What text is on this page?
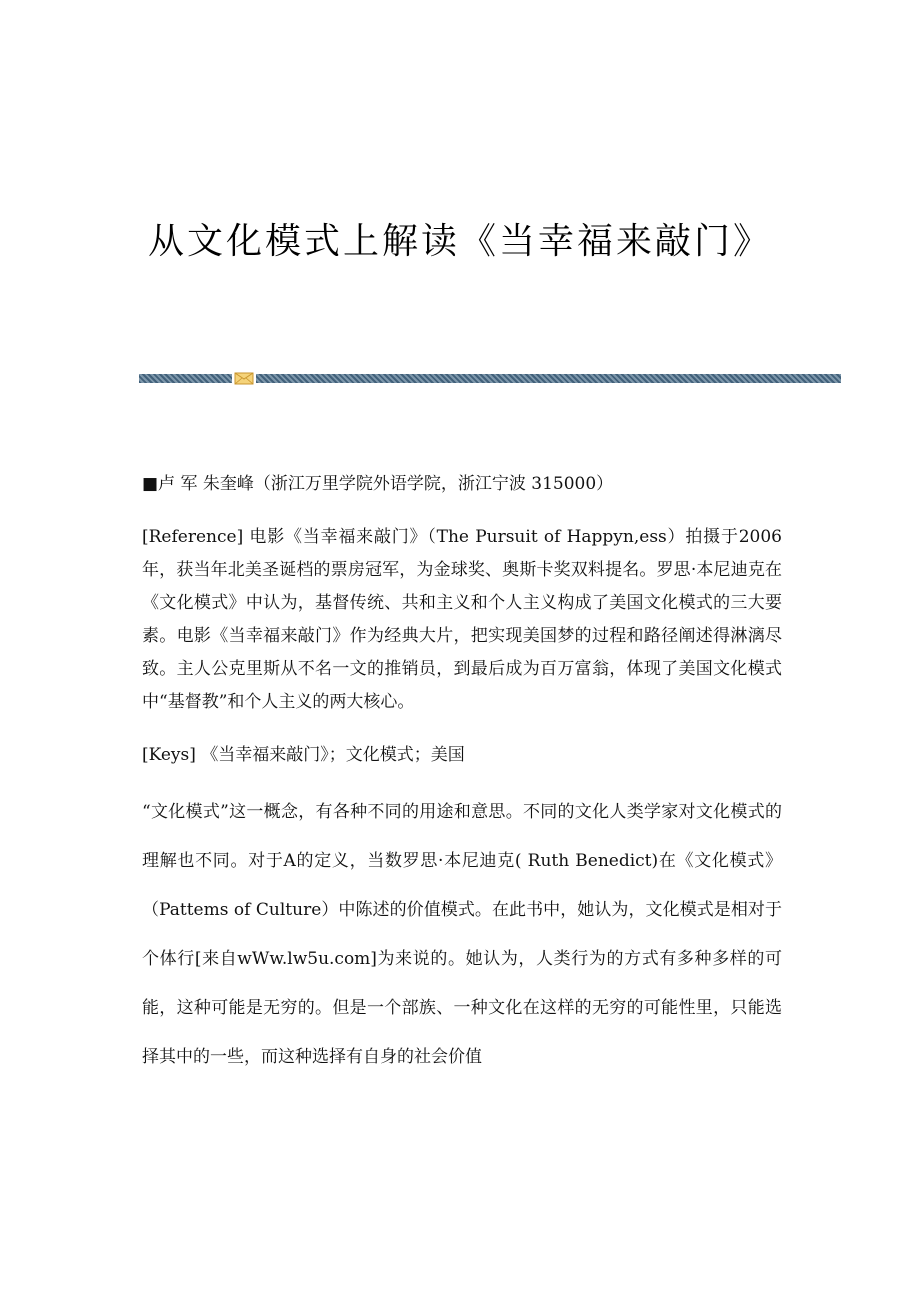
从文化模式上解读《当幸福来敲门》

■卢 军 朱奎峰（浙江万里学院外语学院，浙江宁波 315000）

[Reference] 电影《当幸福来敲门》（The Pursuit of Happyn,ess）拍摄于2006年，获当年北美圣诞档的票房冠军，为金球奖、奥斯卡奖双料提名。罗思·本尼迪克在《文化模式》中认为，基督传统、共和主义和个人主义构成了美国文化模式的三大要素。电影《当幸福来敲门》作为经典大片，把实现美国梦的过程和路径阐述得淋漓尽致。主人公克里斯从不名一文的推销员，到最后成为百万富翁，体现了美国文化模式中“基督教”和个人主义的两大核心。

[Keys] 《当幸福来敲门》；文化模式；美国

“文化模式”这一概念，有各种不同的用途和意思。不同的文化人类学家对文化模式的理解也不同。对于A的定义，当数罗思·本尼迪克( Ruth Benedict)在《文化模式》（Pattems of Culture）中陈述的价值模式。在此书中，她认为，文化模式是相对于个体行[来自wWw.lw5u.com]为来说的。她认为，人类行为的方式有多种多样的可能，这种可能是无穷的。但是一个部族、一种文化在这样的无穷的可能性里，只能选择其中的一些，而这种选择有自身的社会价值
